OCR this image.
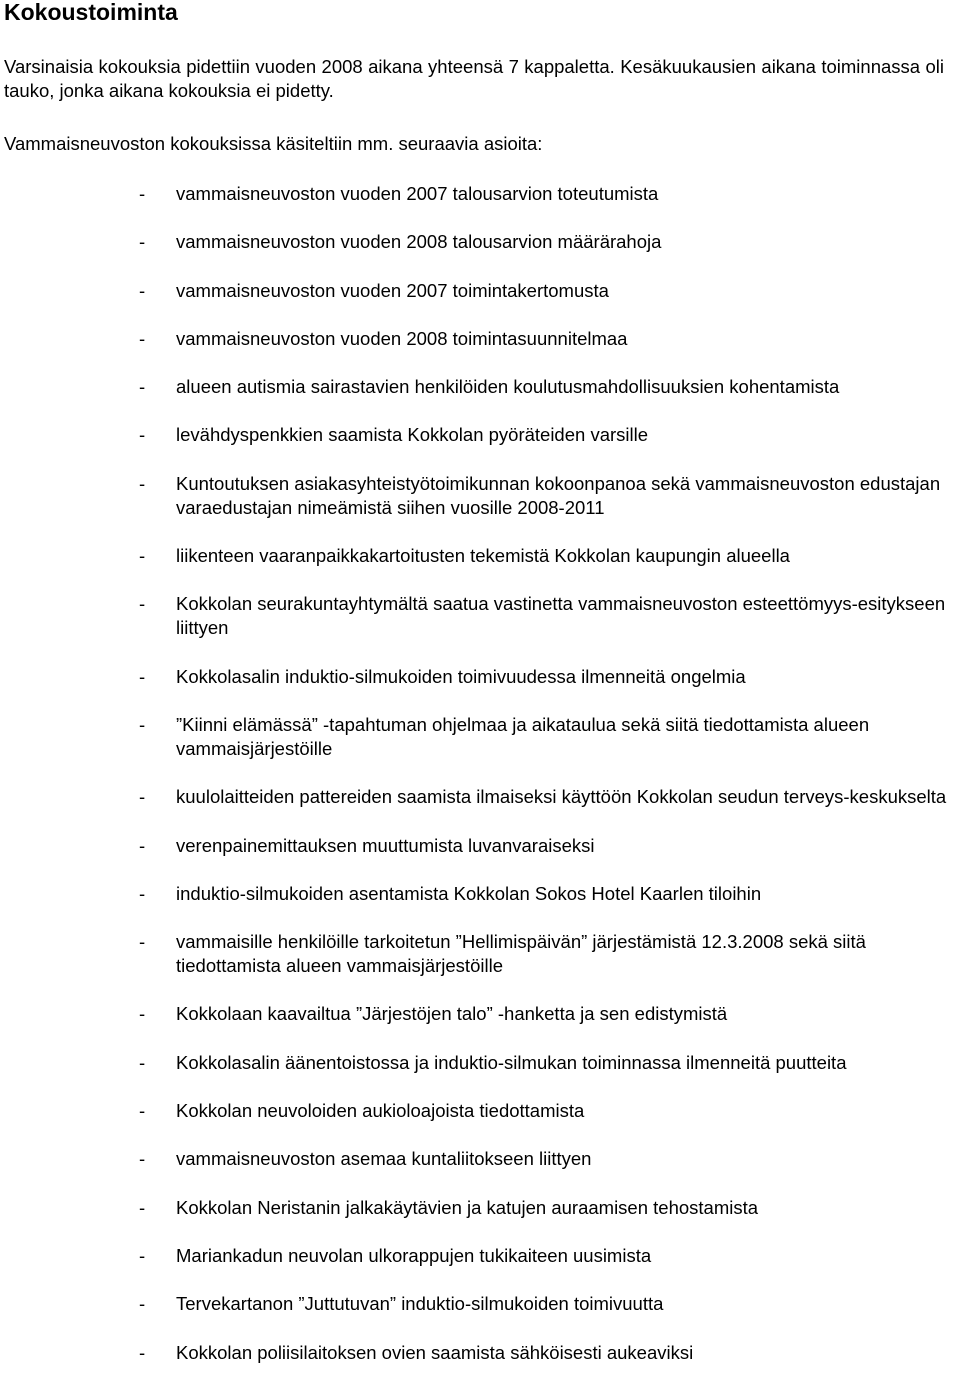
Kokoustoiminta

Varsinaisia kokouksia pidettiin vuoden 2008 aikana yhteensä 7 kappaletta. Kesäkuukausien aikana toiminnassa oli tauko, jonka aikana kokouksia ei pidetty.

Vammaisneuvoston kokouksissa käsiteltiin mm. seuraavia asioita:

- vammaisneuvoston vuoden 2007 talousarvion toteutumista
- vammaisneuvoston vuoden 2008 talousarvion määrärahoja
- vammaisneuvoston vuoden 2007 toimintakertomusta
- vammaisneuvoston vuoden 2008 toimintasuunnitelmaa
- alueen autismia sairastavien henkilöiden koulutusmahdollisuuksien kohentamista
- levähdyspenkkien saamista Kokkolan pyöräteiden varsille
- Kuntoutuksen asiakasyhteistyötoimikunnan kokoonpanoa sekä vammaisneuvoston edustajan varaedustajan nimeämistä siihen vuosille 2008-2011
- liikenteen vaaranpaikkakartoitusten tekemistä Kokkolan kaupungin alueella
- Kokkolan seurakuntayhtymältä saatua vastinetta vammaisneuvoston esteettömyys-esitykseen liittyen
- Kokkolasalin induktio-silmukoiden toimivuudessa ilmenneitä ongelmia
- ”Kiinni elämässä” -tapahtuman ohjelmaa ja aikataulua sekä siitä tiedottamista alueen vammaisjärjestöille
- kuulolaitteiden pattereiden saamista ilmaiseksi käyttöön Kokkolan seudun terveys-keskukselta
- verenpainemittauksen muuttumista luvanvaraiseksi
- induktio-silmukoiden asentamista Kokkolan Sokos Hotel Kaarlen tiloihin
- vammaisille henkilöille tarkoitetun ”Hellimispäivän” järjestämistä 12.3.2008 sekä siitä tiedottamista alueen vammaisjärjestöille
- Kokkolaan kaavailtua ”Järjestöjen talo” -hanketta ja sen edistymistä
- Kokkolasalin äänentoistossa ja induktio-silmukan toiminnassa ilmenneitä puutteita
- Kokkolan neuvoloiden aukioloajoista tiedottamista
- vammaisneuvoston asemaa kuntaliitokseen liittyen
- Kokkolan Neristanin jalkakäytävien ja katujen auraamisen tehostamista
- Mariankadun neuvolan ulkorappujen tukikaiteen uusimista
- Tervekartanon ”Juttutuvan” induktio-silmukoiden toimivuutta
- Kokkolan poliisilaitoksen ovien saamista sähköisesti aukeaviksi
